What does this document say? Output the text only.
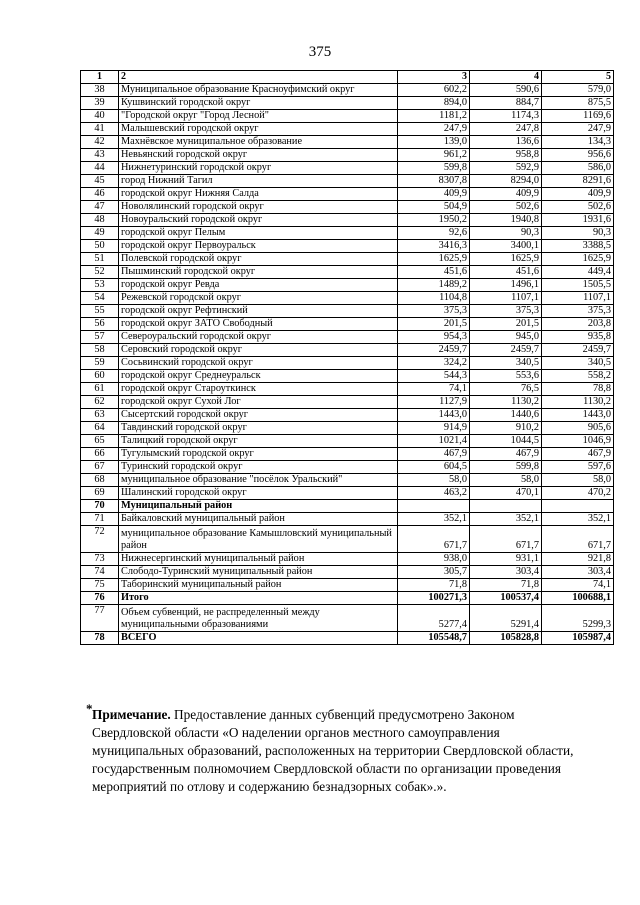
375
1	2	3	4	5
38	Муниципальное образование Красноуфимский округ	602,2	590,6	579,0
39	Кушвинский городской округ	894,0	884,7	875,5
40	"Городской округ "Город Лесной"	1181,2	1174,3	1169,6
41	Малышевский городской округ	247,9	247,8	247,9
42	Махнёвское муниципальное образование	139,0	136,6	134,3
43	Невьянский городской округ	961,2	958,8	956,6
44	Нижнетуринский городской округ	599,8	592,9	586,0
45	город Нижний Тагил	8307,8	8294,0	8291,6
46	городской округ Нижняя Салда	409,9	409,9	409,9
47	Новолялинский городской округ	504,9	502,6	502,6
48	Новоуральский городской округ	1950,2	1940,8	1931,6
49	городской округ Пелым	92,6	90,3	90,3
50	городской округ Первоуральск	3416,3	3400,1	3388,5
51	Полевской городской округ	1625,9	1625,9	1625,9
52	Пышминский городской округ	451,6	451,6	449,4
53	городской округ Ревда	1489,2	1496,1	1505,5
54	Режевской городской округ	1104,8	1107,1	1107,1
55	городской округ Рефтинский	375,3	375,3	375,3
56	городской округ ЗАТО Свободный	201,5	201,5	203,8
57	Североуральский городской округ	954,3	945,0	935,8
58	Серовский городской округ	2459,7	2459,7	2459,7
59	Сосьвинский городской округ	324,2	340,5	340,5
60	городской округ Среднеуральск	544,3	553,6	558,2
61	городской округ Староуткинск	74,1	76,5	78,8
62	городской округ Сухой Лог	1127,9	1130,2	1130,2
63	Сысертский городской округ	1443,0	1440,6	1443,0
64	Тавдинский городской округ	914,9	910,2	905,6
65	Талицкий городской округ	1021,4	1044,5	1046,9
66	Тугулымский городской округ	467,9	467,9	467,9
67	Туринский городской округ	604,5	599,8	597,6
68	муниципальное образование "посёлок Уральский"	58,0	58,0	58,0
69	Шалинский городской округ	463,2	470,1	470,2
70	Муниципальный район			
71	Байкаловский муниципальный район	352,1	352,1	352,1
72	муниципальное образование Камышловский муниципальный район	671,7	671,7	671,7
73	Нижнесергинский муниципальный район	938,0	931,1	921,8
74	Слободо-Туринский муниципальный район	305,7	303,4	303,4
75	Таборинский муниципальный район	71,8	71,8	74,1
76	Итого	100271,3	100537,4	100688,1
77	Объем субвенций, не распределенный между муниципальными образованиями	5277,4	5291,4	5299,3
78	ВСЕГО	105548,7	105828,8	105987,4
* Примечание. Предоставление данных субвенций предусмотрено Законом Свердловской области «О наделении органов местного самоуправления муниципальных образований, расположенных на территории Свердловской области, государственным полномочием Свердловской области по организации проведения мероприятий по отлову и содержанию безнадзорных собак».».
